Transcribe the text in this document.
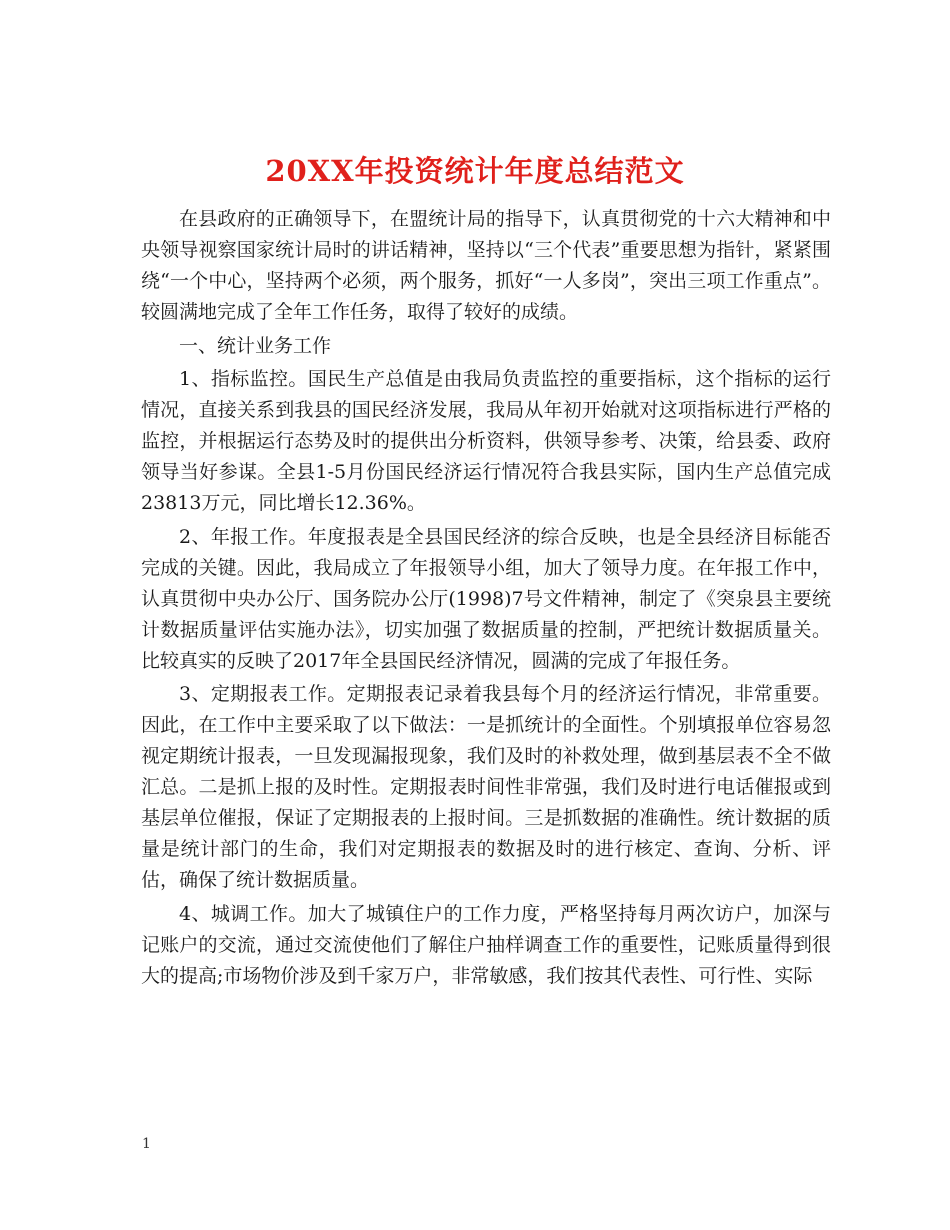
20XX年投资统计年度总结范文

在县政府的正确领导下，在盟统计局的指导下，认真贯彻党的十六大精神和中央领导视察国家统计局时的讲话精神，坚持以“三个代表”重要思想为指针，紧紧围绕“一个中心，坚持两个必须，两个服务，抓好“一人多岗”，突出三项工作重点”。较圆满地完成了全年工作任务，取得了较好的成绩。

一、统计业务工作

1、指标监控。国民生产总值是由我局负责监控的重要指标，这个指标的运行情况，直接关系到我县的国民经济发展，我局从年初开始就对这项指标进行严格的监控，并根据运行态势及时的提供出分析资料，供领导参考、决策，给县委、政府领导当好参谋。全县1-5月份国民经济运行情况符合我县实际，国内生产总值完成23813万元，同比增长12.36%。

2、年报工作。年度报表是全县国民经济的综合反映，也是全县经济目标能否完成的关键。因此，我局成立了年报领导小组，加大了领导力度。在年报工作中，认真贯彻中央办公厅、国务院办公厅(1998)7号文件精神，制定了《突泉县主要统计数据质量评估实施办法》，切实加强了数据质量的控制，严把统计数据质量关。比较真实的反映了2017年全县国民经济情况，圆满的完成了年报任务。

3、定期报表工作。定期报表记录着我县每个月的经济运行情况，非常重要。因此，在工作中主要采取了以下做法：一是抓统计的全面性。个别填报单位容易忽视定期统计报表，一旦发现漏报现象，我们及时的补救处理，做到基层表不全不做汇总。二是抓上报的及时性。定期报表时间性非常强，我们及时进行电话催报或到基层单位催报，保证了定期报表的上报时间。三是抓数据的准确性。统计数据的质量是统计部门的生命，我们对定期报表的数据及时的进行核定、查询、分析、评估，确保了统计数据质量。

4、城调工作。加大了城镇住户的工作力度，严格坚持每月两次访户，加深与记账户的交流，通过交流使他们了解住户抽样调查工作的重要性，记账质量得到很大的提高;市场物价涉及到千家万户，非常敏感，我们按其代表性、可行性、实际

1
